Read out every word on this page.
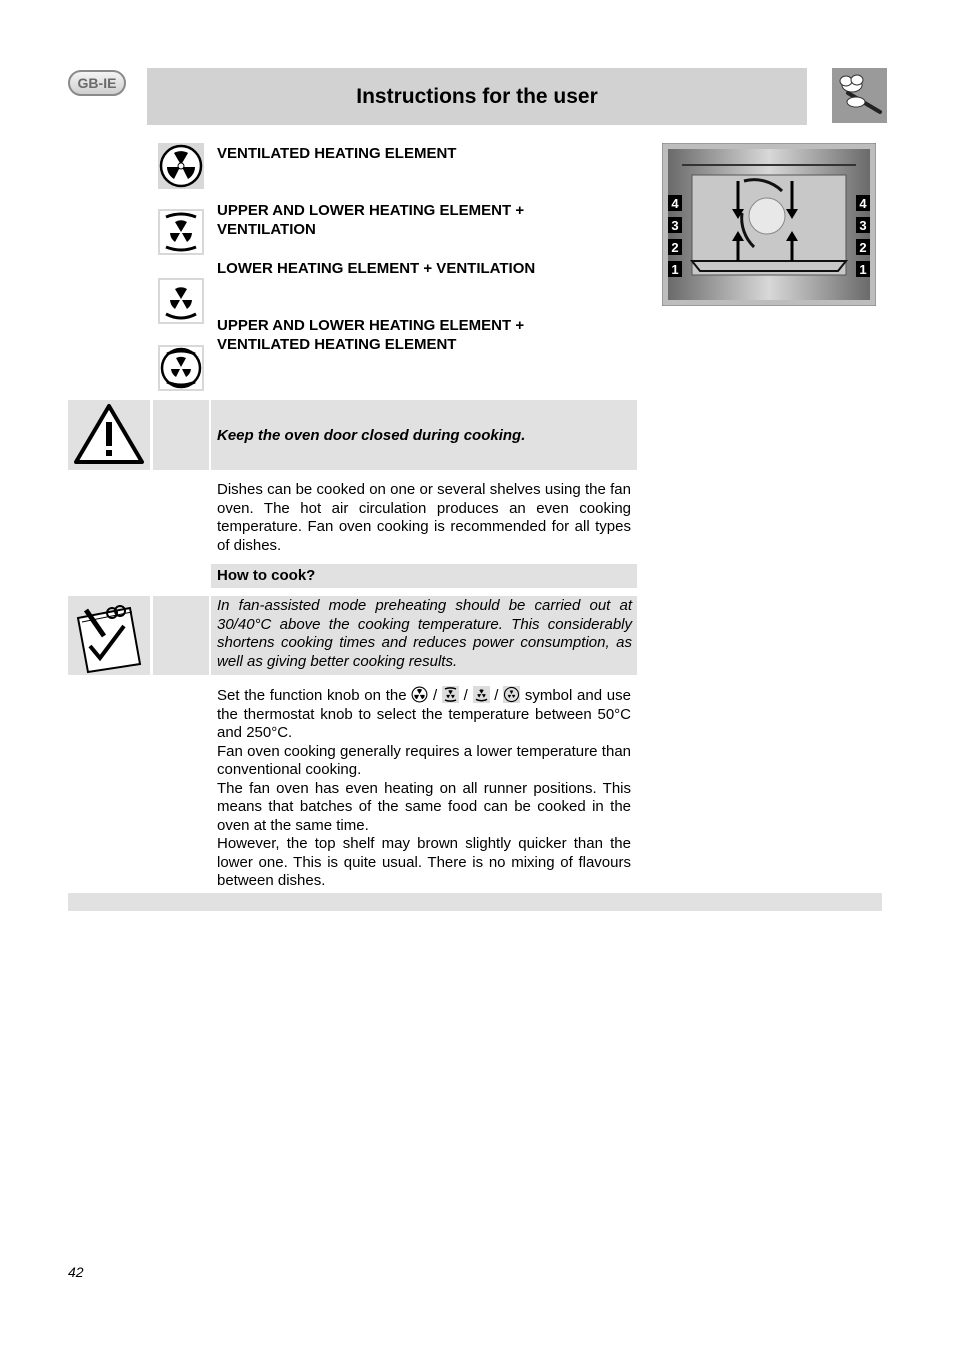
GB-IE
Instructions for the user
VENTILATED HEATING ELEMENT
UPPER AND LOWER HEATING ELEMENT + VENTILATION
LOWER HEATING ELEMENT + VENTILATION
UPPER AND LOWER HEATING ELEMENT + VENTILATED HEATING ELEMENT
4
3
2
1
4
3
2
1
Keep the oven door closed during cooking.
Dishes can be cooked on one or several shelves using the fan oven. The hot air circulation produces an even cooking temperature. Fan oven cooking is recommended for all types of dishes.
How to cook?
In fan-assisted mode preheating should be carried out at 30/40°C above the cooking temperature. This considerably shortens cooking times and reduces power consumption, as well as giving better cooking results.

Set the function knob on the / / / symbol and use the thermostat knob to select the temperature between 50°C and 250°C.

Fan oven cooking generally requires a lower temperature than conventional cooking.

The fan oven has even heating on all runner positions. This means that batches of the same food can be cooked in the oven at the same time.

However, the top shelf may brown slightly quicker than the lower one. This is quite usual. There is no mixing of flavours between dishes.

42
